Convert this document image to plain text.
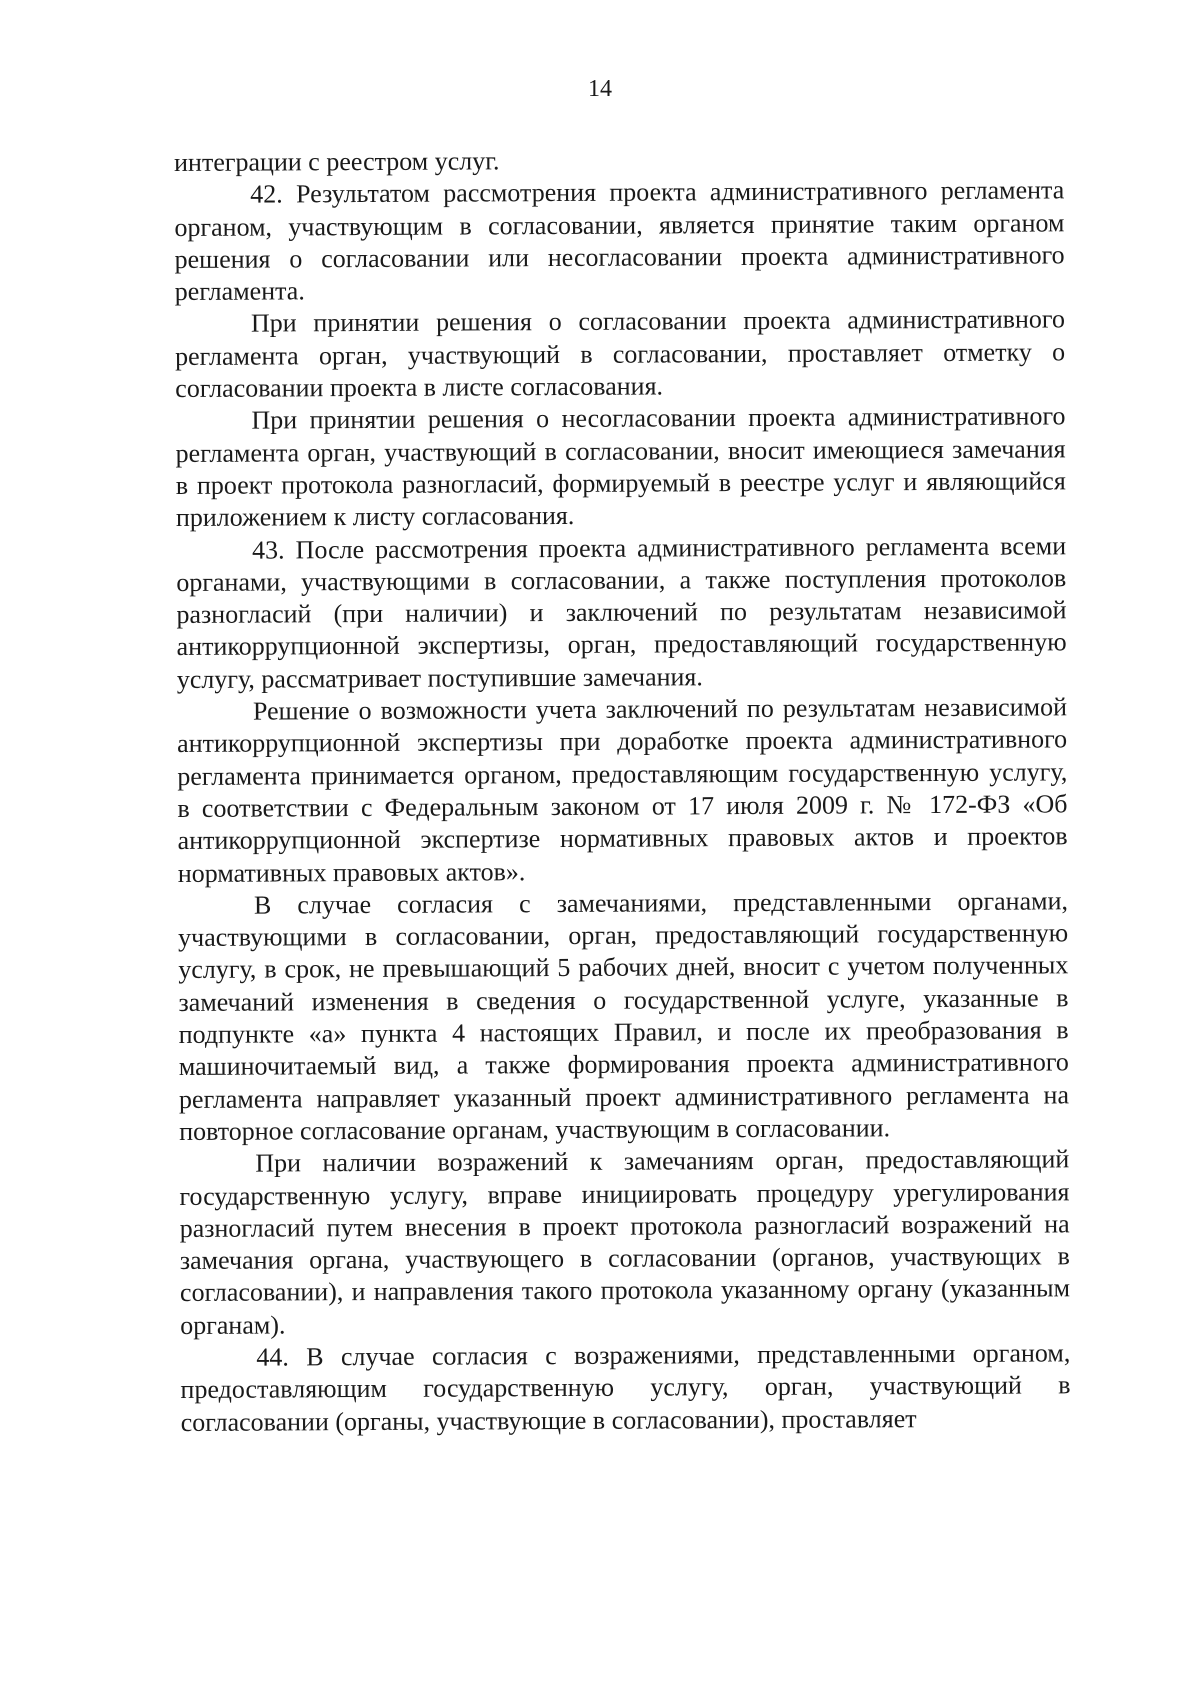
14

интеграции с реестром услуг.

42. Результатом рассмотрения проекта административного регламента органом, участвующим в согласовании, является принятие таким органом решения о согласовании или несогласовании проекта административного регламента.

При принятии решения о согласовании проекта административного регламента орган, участвующий в согласовании, проставляет отметку о согласовании проекта в листе согласования.

При принятии решения о несогласовании проекта административного регламента орган, участвующий в согласовании, вносит имеющиеся замечания в проект протокола разногласий, формируемый в реестре услуг и являющийся приложением к листу согласования.

43. После рассмотрения проекта административного регламента всеми органами, участвующими в согласовании, а также поступления протоколов разногласий (при наличии) и заключений по результатам независимой антикоррупционной экспертизы, орган, предоставляющий государственную услугу, рассматривает поступившие замечания.

Решение о возможности учета заключений по результатам независимой антикоррупционной экспертизы при доработке проекта административного регламента принимается органом, предоставляющим государственную услугу, в соответствии с Федеральным законом от 17 июля 2009 г. № 172-ФЗ «Об антикоррупционной экспертизе нормативных правовых актов и проектов нормативных правовых актов».

В случае согласия с замечаниями, представленными органами, участвующими в согласовании, орган, предоставляющий государственную услугу, в срок, не превышающий 5 рабочих дней, вносит с учетом полученных замечаний изменения в сведения о государственной услуге, указанные в подпункте «а» пункта 4 настоящих Правил, и после их преобразования в машиночитаемый вид, а также формирования проекта административного регламента направляет указанный проект административного регламента на повторное согласование органам, участвующим в согласовании.

При наличии возражений к замечаниям орган, предоставляющий государственную услугу, вправе инициировать процедуру урегулирования разногласий путем внесения в проект протокола разногласий возражений на замечания органа, участвующего в согласовании (органов, участвующих в согласовании), и направления такого протокола указанному органу (указанным органам).

44. В случае согласия с возражениями, представленными органом, предоставляющим государственную услугу, орган, участвующий в согласовании (органы, участвующие в согласовании), проставляет
